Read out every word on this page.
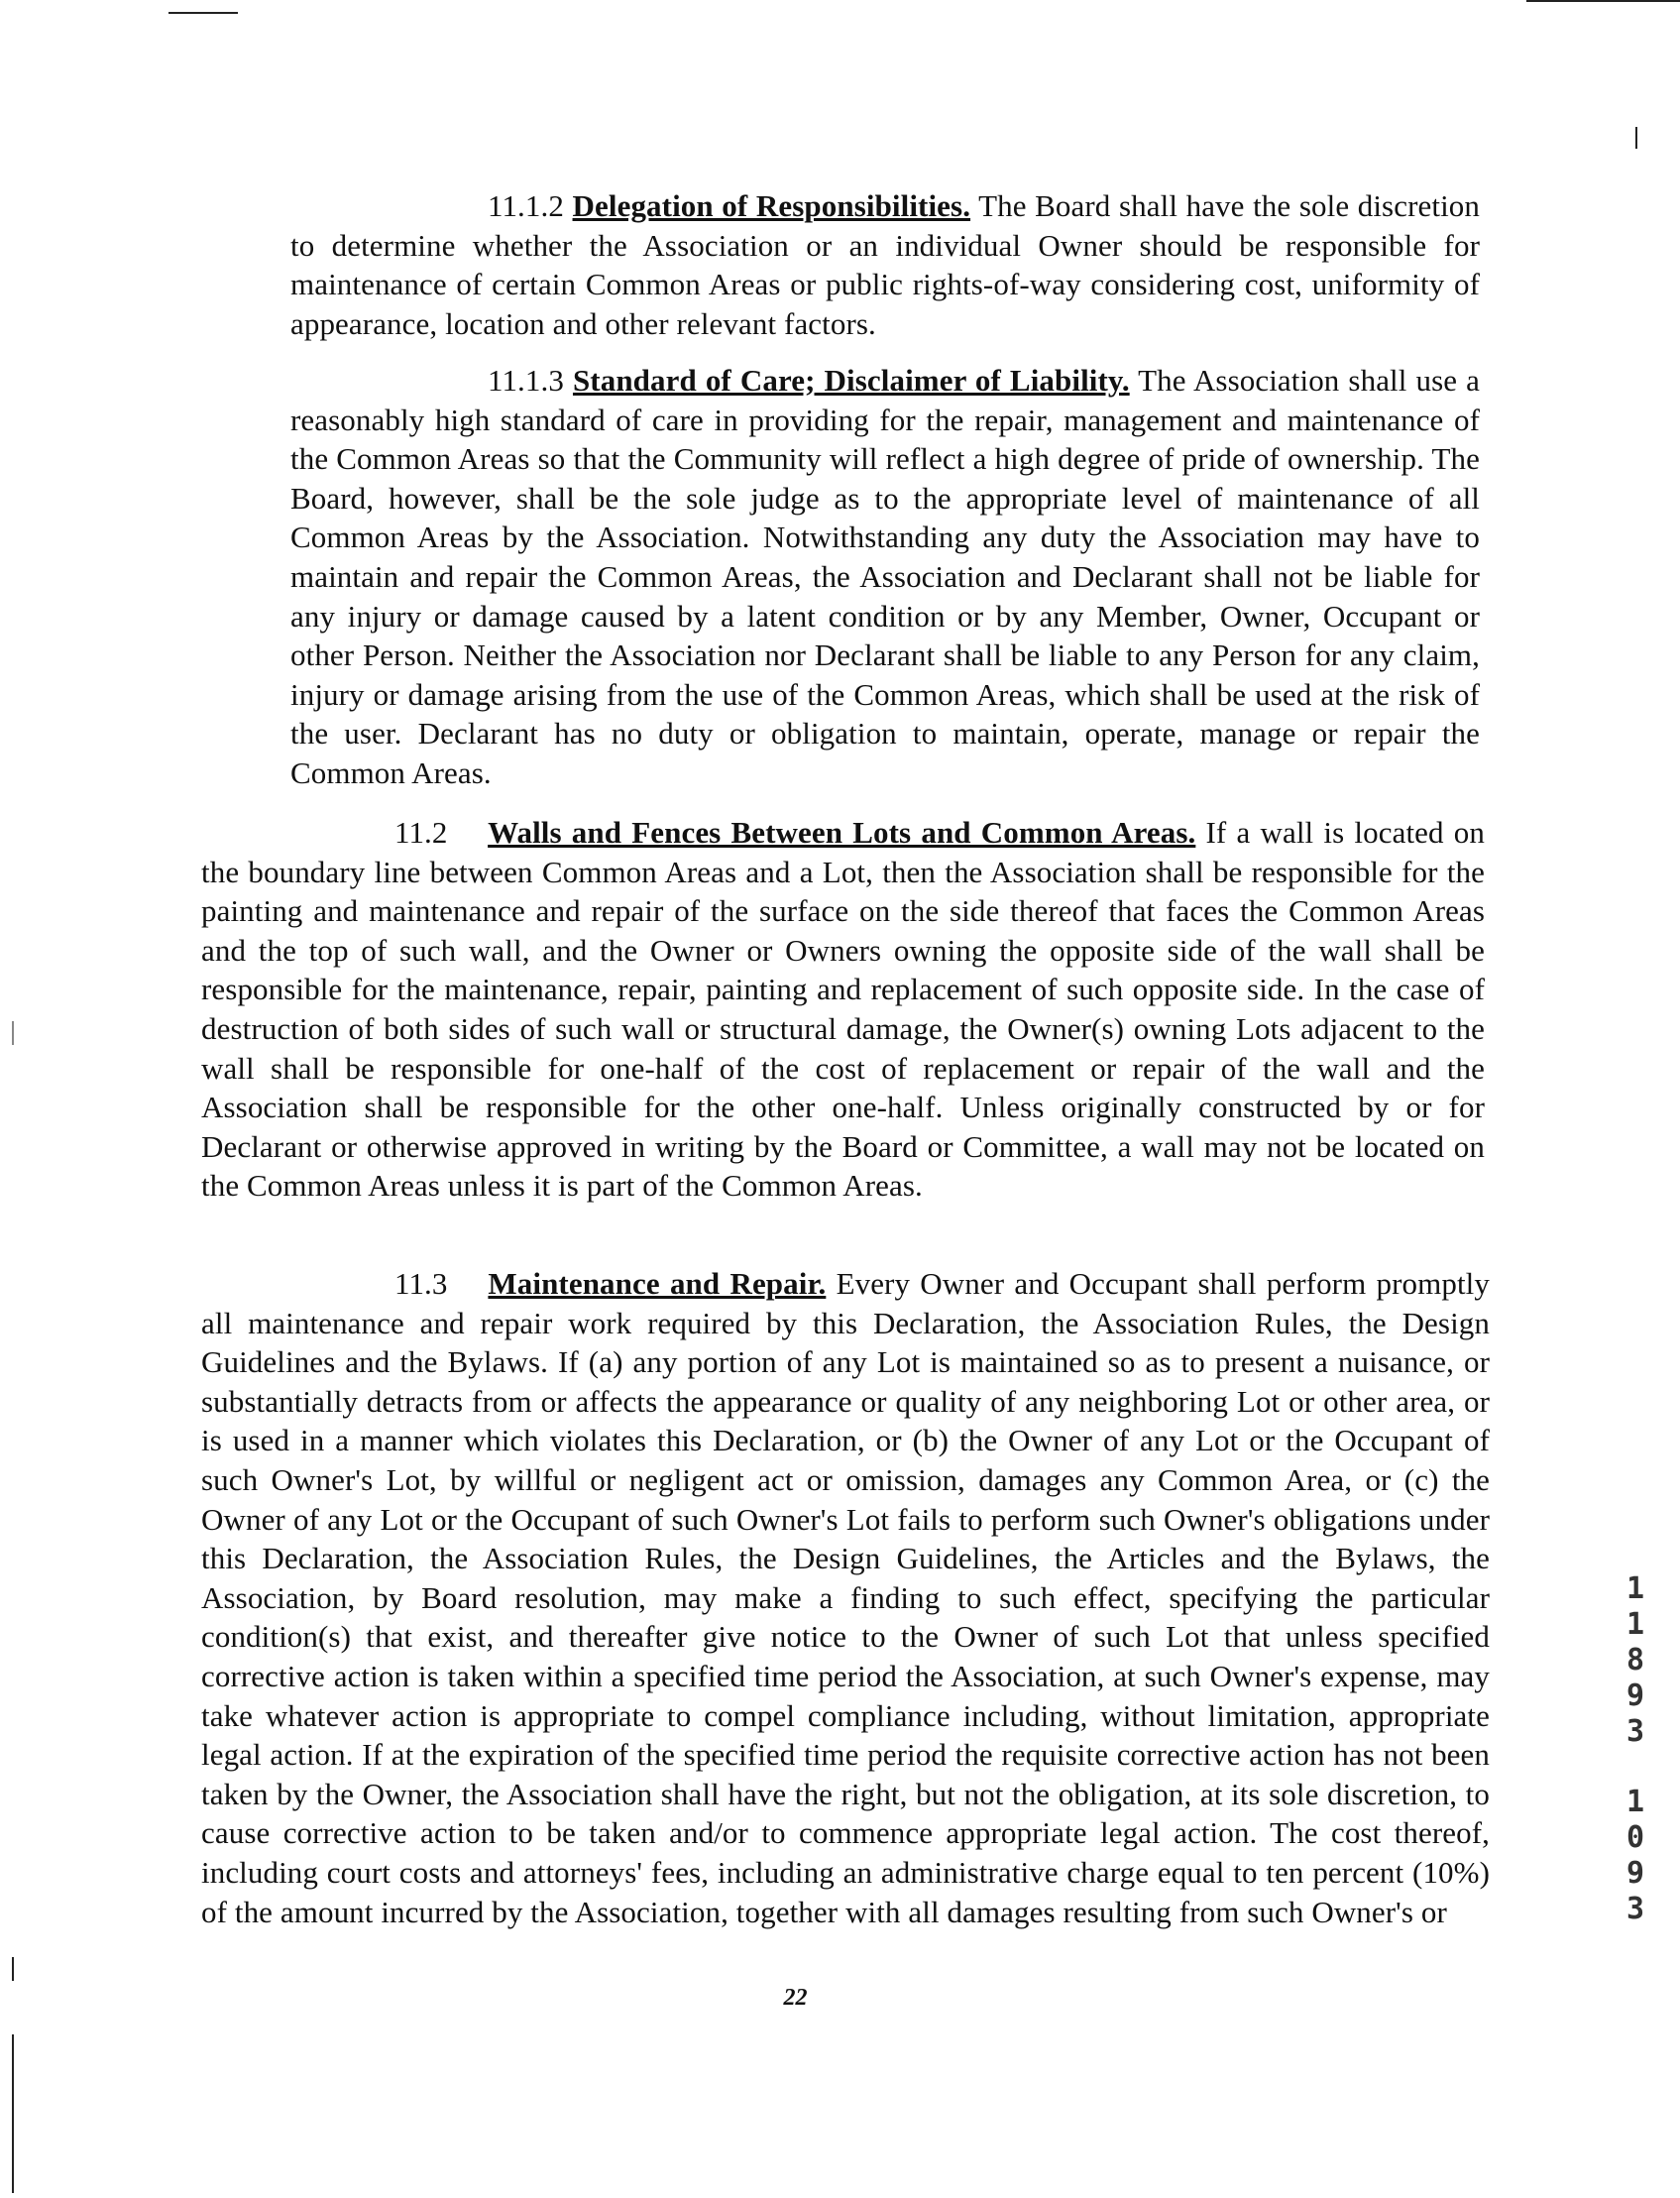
11.1.2 Delegation of Responsibilities. The Board shall have the sole discretion to determine whether the Association or an individual Owner should be responsible for maintenance of certain Common Areas or public rights-of-way considering cost, uniformity of appearance, location and other relevant factors.
11.1.3 Standard of Care; Disclaimer of Liability. The Association shall use a reasonably high standard of care in providing for the repair, management and maintenance of the Common Areas so that the Community will reflect a high degree of pride of ownership. The Board, however, shall be the sole judge as to the appropriate level of maintenance of all Common Areas by the Association. Notwithstanding any duty the Association may have to maintain and repair the Common Areas, the Association and Declarant shall not be liable for any injury or damage caused by a latent condition or by any Member, Owner, Occupant or other Person. Neither the Association nor Declarant shall be liable to any Person for any claim, injury or damage arising from the use of the Common Areas, which shall be used at the risk of the user. Declarant has no duty or obligation to maintain, operate, manage or repair the Common Areas.
11.2 Walls and Fences Between Lots and Common Areas. If a wall is located on the boundary line between Common Areas and a Lot, then the Association shall be responsible for the painting and maintenance and repair of the surface on the side thereof that faces the Common Areas and the top of such wall, and the Owner or Owners owning the opposite side of the wall shall be responsible for the maintenance, repair, painting and replacement of such opposite side. In the case of destruction of both sides of such wall or structural damage, the Owner(s) owning Lots adjacent to the wall shall be responsible for one-half of the cost of replacement or repair of the wall and the Association shall be responsible for the other one-half. Unless originally constructed by or for Declarant or otherwise approved in writing by the Board or Committee, a wall may not be located on the Common Areas unless it is part of the Common Areas.
11.3 Maintenance and Repair. Every Owner and Occupant shall perform promptly all maintenance and repair work required by this Declaration, the Association Rules, the Design Guidelines and the Bylaws. If (a) any portion of any Lot is maintained so as to present a nuisance, or substantially detracts from or affects the appearance or quality of any neighboring Lot or other area, or is used in a manner which violates this Declaration, or (b) the Owner of any Lot or the Occupant of such Owner's Lot, by willful or negligent act or omission, damages any Common Area, or (c) the Owner of any Lot or the Occupant of such Owner's Lot fails to perform such Owner's obligations under this Declaration, the Association Rules, the Design Guidelines, the Articles and the Bylaws, the Association, by Board resolution, may make a finding to such effect, specifying the particular condition(s) that exist, and thereafter give notice to the Owner of such Lot that unless specified corrective action is taken within a specified time period the Association, at such Owner's expense, may take whatever action is appropriate to compel compliance including, without limitation, appropriate legal action. If at the expiration of the specified time period the requisite corrective action has not been taken by the Owner, the Association shall have the right, but not the obligation, at its sole discretion, to cause corrective action to be taken and/or to commence appropriate legal action. The cost thereof, including court costs and attorneys' fees, including an administrative charge equal to ten percent (10%) of the amount incurred by the Association, together with all damages resulting from such Owner's or
22
1
1
8
9
3
1
0
9
3
